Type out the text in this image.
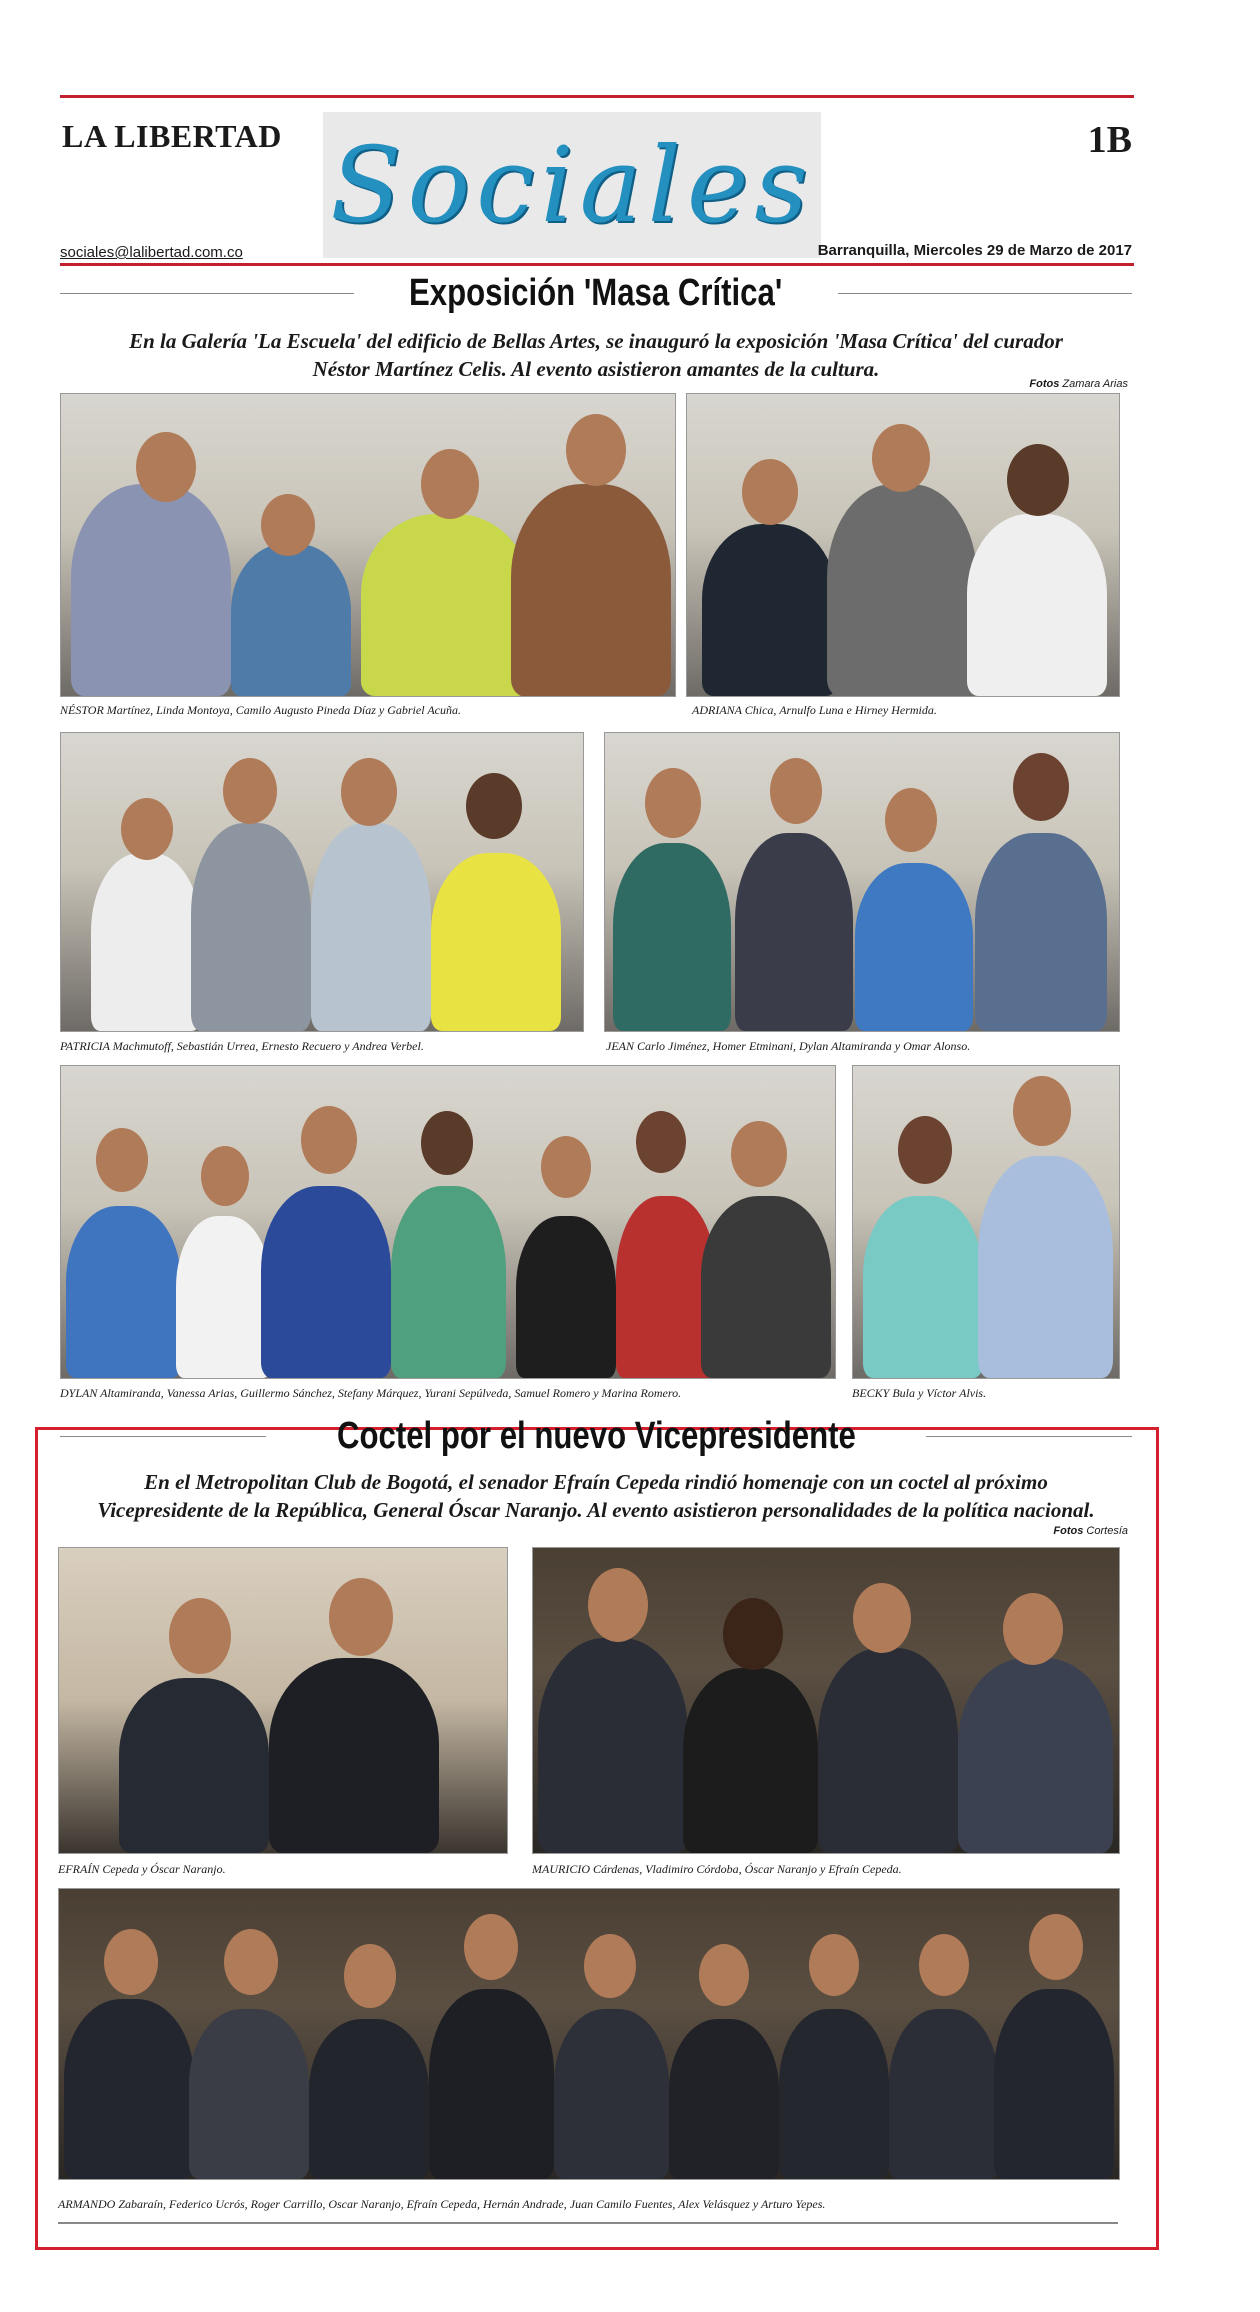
LA LIBERTAD Sociales	1B
sociales@lalibertad.com.co	Barranquilla, Miercoles 29 de Marzo de 2017
Exposición 'Masa Crítica'
En la Galería 'La Escuela' del edificio de Bellas Artes, se inauguró la exposición 'Masa Crítica' del curador
Néstor Martínez Celis. Al evento asistieron amantes de la cultura.
Fotos Zamara Arias
NÉSTOR Martínez, Linda Montoya, Camilo Augusto Pineda Díaz y Gabriel Acuña.	ADRIANA Chica, Arnulfo Luna e Hirney Hermida.
PATRICIA Machmutoff, Sebastián Urrea, Ernesto Recuero y Andrea Verbel.	JEAN Carlo Jiménez, Homer Etminani, Dylan Altamiranda y Omar Alonso.
DYLAN Altamiranda, Vanessa Arias, Guillermo Sánchez, Stefany Márquez, Yurani Sepúlveda, Samuel Romero y Marina Romero.	BECKY Bula y Víctor Alvis.
Coctel por el nuevo Vicepresidente
En el Metropolitan Club de Bogotá, el senador Efraín Cepeda rindió homenaje con un coctel al próximo
Vicepresidente de la República, General Óscar Naranjo. Al evento asistieron personalidades de la política nacional.
Fotos Cortesía
EFRAÍN Cepeda y Óscar Naranjo.	MAURICIO Cárdenas, Vladimiro Córdoba, Óscar Naranjo y Efraín Cepeda.
ARMANDO Zabaraín, Federico Ucrós, Roger Carrillo, Oscar Naranjo, Efraín Cepeda, Hernán Andrade, Juan Camilo Fuentes, Alex Velásquez y Arturo Yepes.
